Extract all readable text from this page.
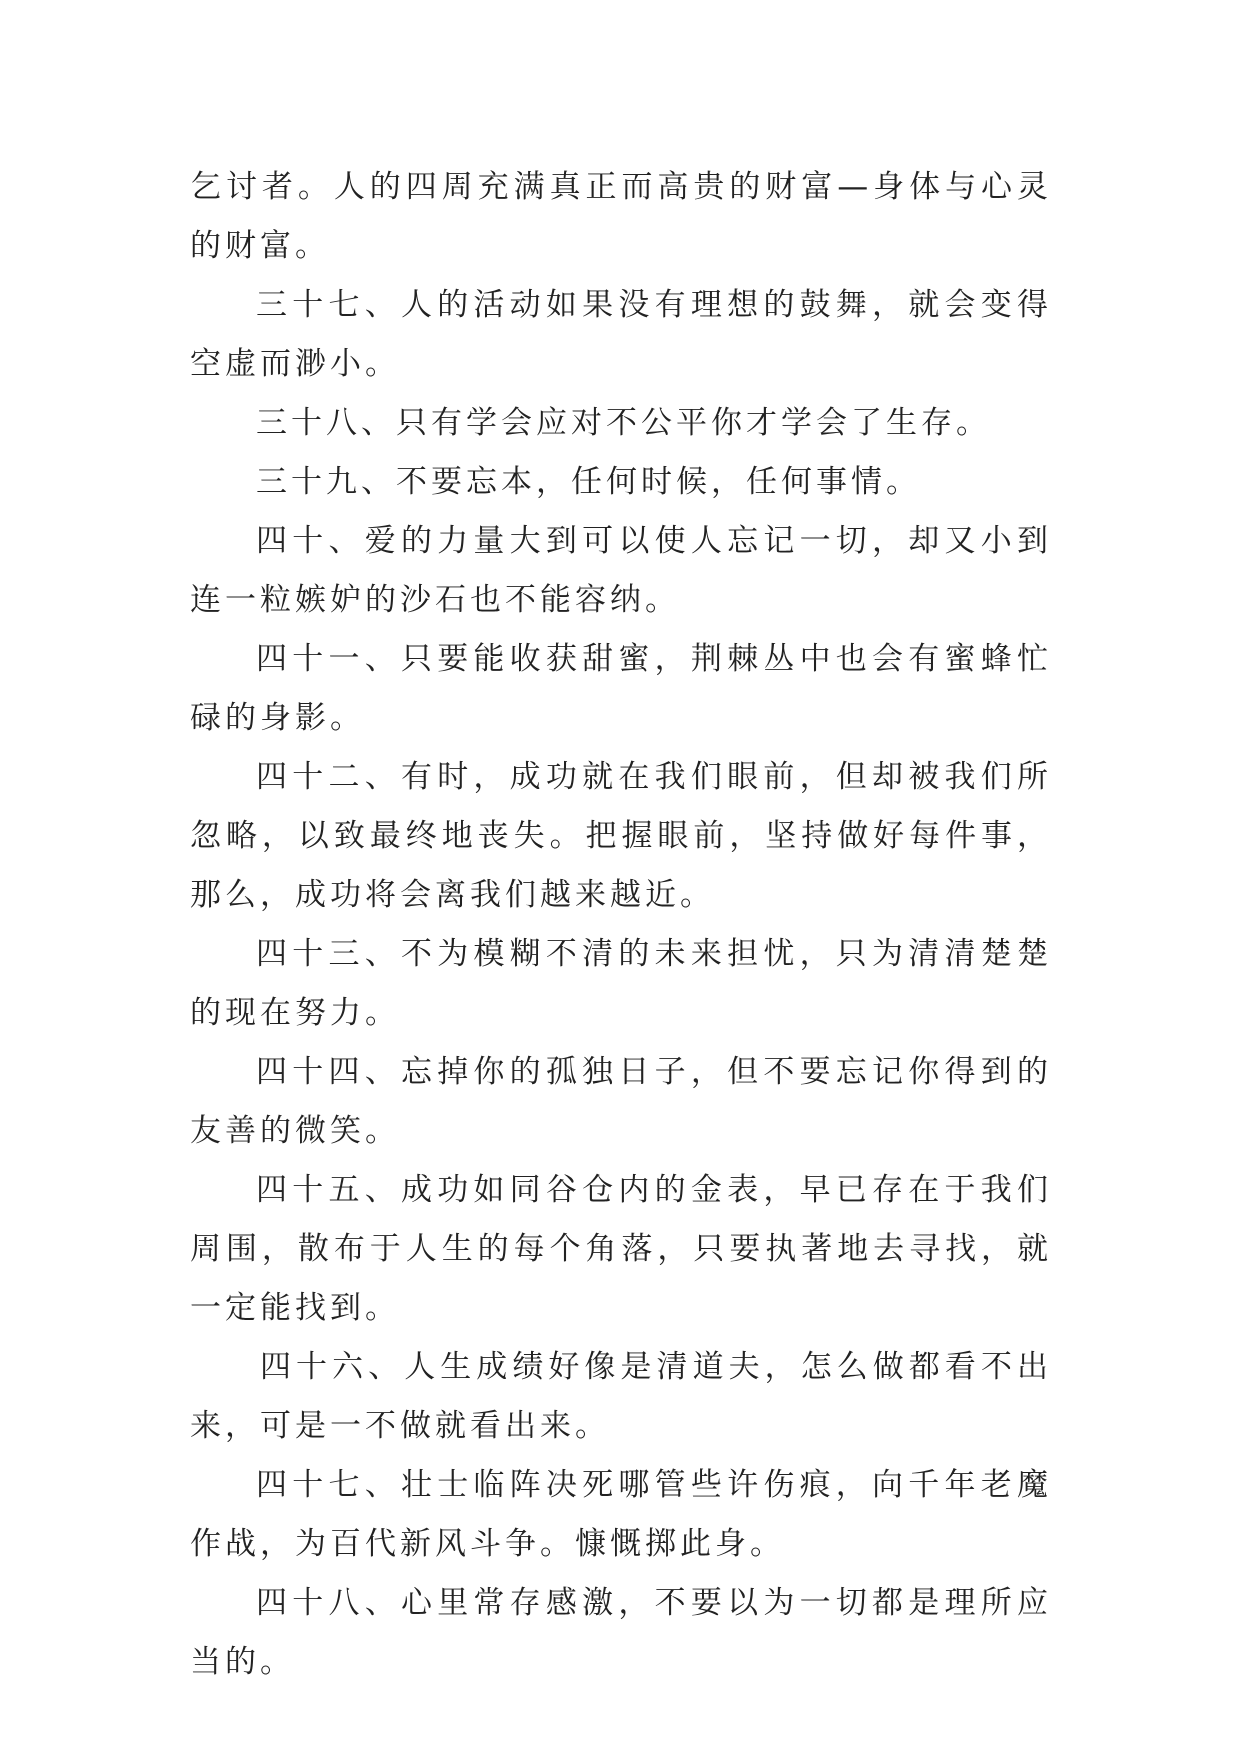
乞讨者。人的四周充满真正而高贵的财富—身体与心灵的财富。

三十七、人的活动如果没有理想的鼓舞，就会变得空虚而渺小。

三十八、只有学会应对不公平你才学会了生存。

三十九、不要忘本，任何时候，任何事情。

四十、爱的力量大到可以使人忘记一切，却又小到连一粒嫉妒的沙石也不能容纳。

四十一、只要能收获甜蜜，荆棘丛中也会有蜜蜂忙碌的身影。

四十二、有时，成功就在我们眼前，但却被我们所忽略，以致最终地丧失。把握眼前，坚持做好每件事，那么，成功将会离我们越来越近。

四十三、不为模糊不清的未来担忧，只为清清楚楚的现在努力。

四十四、忘掉你的孤独日子，但不要忘记你得到的友善的微笑。

四十五、成功如同谷仓内的金表，早已存在于我们周围，散布于人生的每个角落，只要执著地去寻找，就一定能找到。

四十六、人生成绩好像是清道夫，怎么做都看不出来，可是一不做就看出来。

四十七、壮士临阵决死哪管些许伤痕，向千年老魔作战，为百代新风斗争。慷慨掷此身。

四十八、心里常存感激，不要以为一切都是理所应当的。
